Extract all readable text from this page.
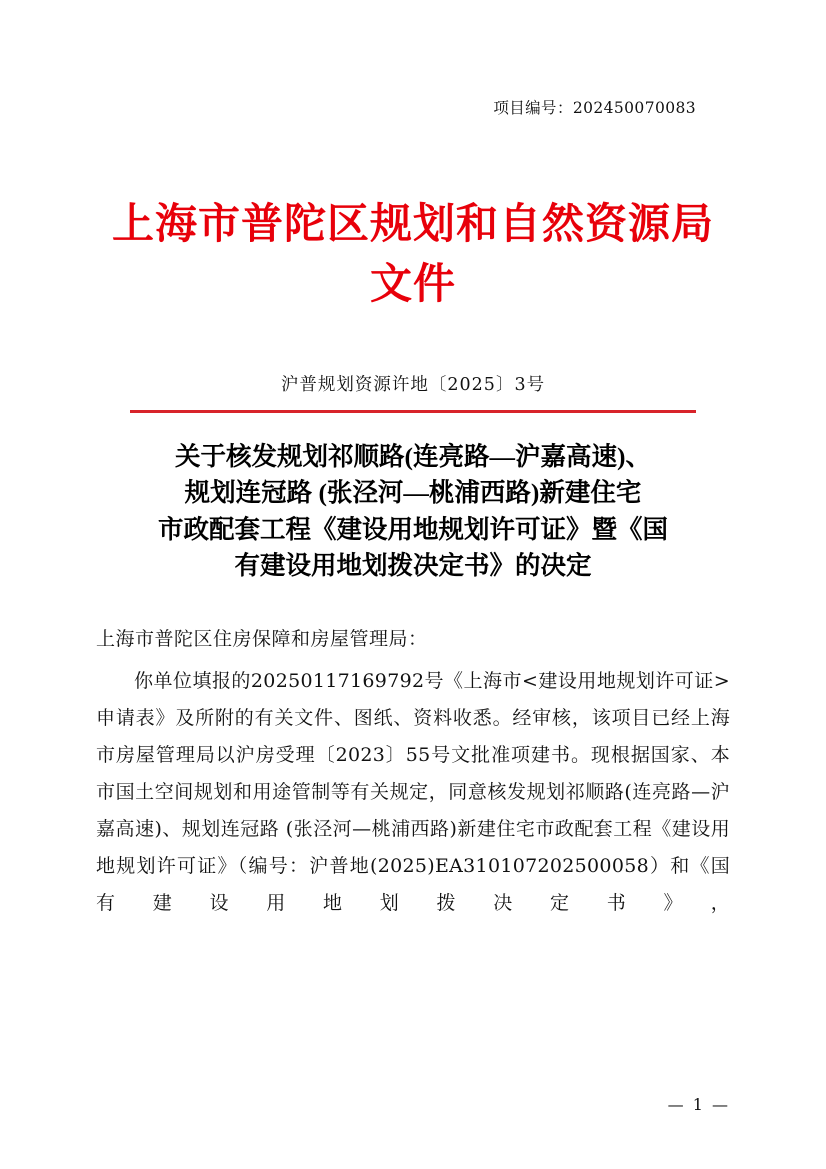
项目编号：202450070083
上海市普陀区规划和自然资源局
文件
沪普规划资源许地〔2025〕3号
关于核发规划祁顺路(连亮路—沪嘉高速)、
规划连冠路 (张泾河—桃浦西路)新建住宅
市政配套工程《建设用地规划许可证》暨《国
有建设用地划拨决定书》的决定
上海市普陀区住房保障和房屋管理局：
你单位填报的20250117169792号《上海市<建设用地规划许可证>申请表》及所附的有关文件、图纸、资料收悉。经审核，该项目已经上海市房屋管理局以沪房受理〔2023〕55号文批准项建书。现根据国家、本市国土空间规划和用途管制等有关规定，同意核发规划祁顺路(连亮路—沪嘉高速)、规划连冠路 (张泾河—桃浦西路)新建住宅市政配套工程《建设用地规划许可证》（编号：沪普地(2025)EA310107202500058）和《国有建设用地划拨决定书》，
— 1 —
